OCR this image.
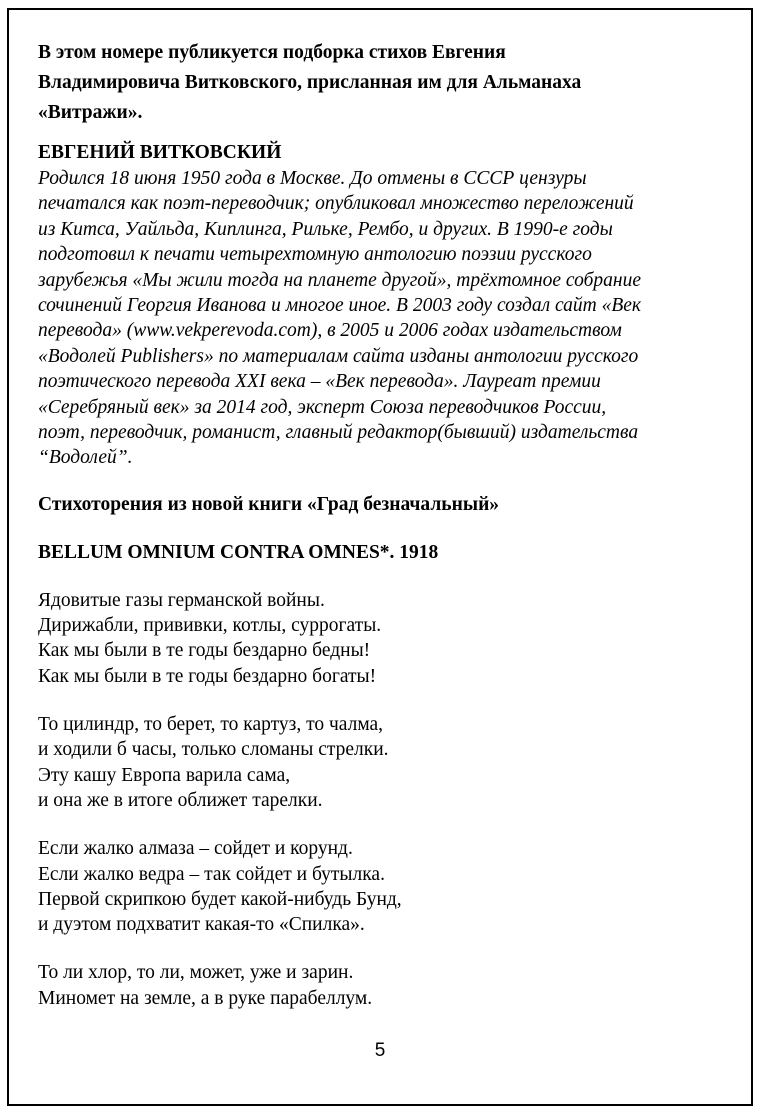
В этом номере публикуется подборка стихов Евгения
Владимировича Витковского, присланная им для Альманаха
«Витражи».

ЕВГЕНИЙ ВИТКОВСКИЙ

Родился 18 июня 1950 года в Москве. До отмены в СССР цензуры
печатался как поэт-переводчик; опубликовал множество переложений
из Китса, Уайльда, Киплинга, Рильке, Рембо, и других. В 1990-е годы
подготовил к печати четырехтомную антологию поэзии русского
зарубежья «Мы жили тогда на планете другой», трёхтомное собрание
сочинений Георгия Иванова и многое иное. В 2003 году создал сайт «Век
перевода» (www.vekperevoda.com), в 2005 и 2006 годах издательством
«Водолей Publishers» по материалам сайта изданы антологии русского
поэтического перевода XXI века – «Век перевода». Лауреат премии
«Серебряный век» за 2014 год, эксперт Союза переводчиков России,
поэт, переводчик, романист, главный редактор(бывший) издательства
“Водолей”.

Стихоторения из новой книги «Град безначальный»

BELLUM OMNIUM CONTRA OMNES*. 1918

Ядовитые газы германской войны.
Дирижабли, прививки, котлы, суррогаты.
Как мы были в те годы бездарно бедны!
Как мы были в те годы бездарно богаты!
То цилиндр, то берет, то картуз, то чалма,
и ходили б часы, только сломаны стрелки.
Эту кашу Европа варила сама,
и она же в итоге оближет тарелки.
Если жалко алмаза – сойдет и корунд.
Если жалко ведра – так сойдет и бутылка.
Первой скрипкою будет какой-нибудь Бунд,
и дуэтом подхватит какая-то «Спилка».
То ли хлор, то ли, может, уже и зарин.
Миномет на земле, а в руке парабеллум.
5
